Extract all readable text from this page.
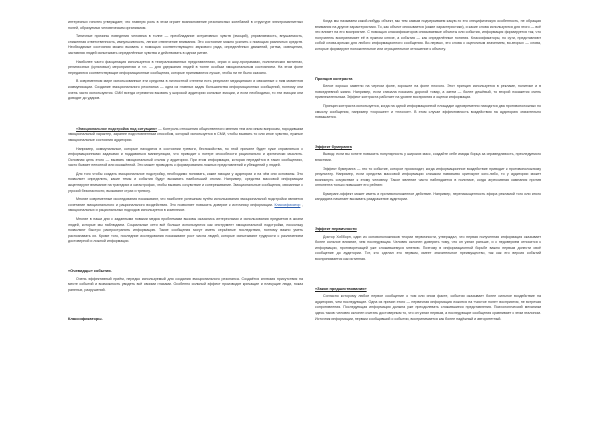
интересных гипотез утверждает, что главную роль в этом играет возникновение резонансных колебаний в структуре электромагнитных полей, образуемых человеческим организмом.

Типичные причины поведения человека в толпе — преобладание ситуативных чувств (эмоций), управляемость, внушаемость, сниженная ответственность, импульсивность, легкое отвлечение внимания. Это состояние можно усилить с помощью различных средств. Необходимые состояния можно вызвать с помощью соответствующего звукового ряда, определённых движений, ритма, освещения, заставляя людей испытывать определённые чувства и действовать в одном ритме.

Наиболее часто фасцинация используется в театрализованных представлениях, играх и шоу-программах, политических митингах, религиозных (культовых) мероприятиях и т.п. — для удержания людей в толпе особым эмоциональным состоянием. На этом фоне передаются соответствующие информационные сообщения, которые принимаются лучше, чтобы ни не было сказано.

В современном мире использованные эти средства в личностной степени есть результат медицинских и связанные с ним моментов коммуникации. Создание эмоционального резонанса — одна из главных задач большинства информационных сообщений, поэтому они очень часто используются. СМИ всегда стремятся вызвать у широкой аудитории сильные эмоции, и если необходимо, то эти эмоции они доводят до ударов.

«Эмоциональное подстройка под ситуацию» — Контроль отношения общественного мнения тем или иным вопросам, породившим эмоциональный характер, заранее подготовленным способом, который используется в СМИ, чтобы вызвать то или иное чувство, нужные эмоциональные состояния аудитории.

Например, коммунальные, которые находятся в состоянии тревоги, беспокойства, по этой причине будет хуже справляться с информационными задачами и поддаваться манипуляции, что приводит к потере способности рационально и критически мыслить. Основная цель этого — вызвать эмоциональный отклик у аудитории. При этом информация, которая передаётся в таких сообщениях, часто бывает неполной или искажённой. Это может приводить к формированию ложных представлений и убеждений у людей.

Для того чтобы создать эмоциональное подстройку, необходимо понимать, какие эмоции у аудитории и на чём они основаны. Это позволяет определить, какие темы и события будут вызывать наибольший отклик. Например, средства массовой информации акцентируют внимание на трагедиях и катастрофах, чтобы вызвать сочувствие и сопереживание. Эмоциональные сообщения, связанные с угрозой безопасности, вызывают страх и тревогу.

Многие современные исследования показывают, что наиболее успешным путём использования эмоциональной подстройки является сочетание эмоционального и рационального воздействия. Это позволяет повысить доверие к источнику информации. Классификатор , эмоциональных и рациональных подходов используется в комплексе.

Многие в наши дни с заданными новыми медиа проблемами вызовы оказались интересными и использования предметов в жизни людей, которые мы наблюдаем. Социальные сети всё больше используются как инструмент эмоциональной подстройки, поскольку позволяют быстро распространять информацию. Такие сообщения могут иметь серьёзные последствия, поэтому важно уметь распознавать их. Кроме того, последние исследования показывают рост числа людей, которые испытывают трудности с различением достоверной и ложной информации.

«Очевидцы» события.

Очень эффективный приём, нередко используемый для создания эмоционального резонанса. Создаётся иллюзия присутствия на месте событий и возможность увидеть всё своими глазами. Особенно сильный эффект производят кричащие и плачущие люди, показ раненых, разрушений.

Классификаторы.

Когда мы называем какой-нибудь объект, мы тем самым подчеркиваем какую-то его специфическую особенность, не обращая внимания на другие характеристики. То, как объект описывается (какие характеристики), и какие слова используются для этого — всё это влияет на его восприятие. С помощью классификаторов описываемые объекты или события, информация формируется так, что получатель воспринимает её в нужном ключе, а события — как определённые понятия. Классификаторы, по сути, представляют собой слова-ярлыки для любого информационного сообщения. Во-первых, это слова с оценочным значением, во-вторых — слова, которые формируют положительное или отрицательное отношение к объекту.

Принцип контраста

Белое хорошо заметно на черном фоне, хорошее на фоне плохого. Этот принцип используется в рекламе, политике и в повседневной жизни. Например, если сначала показать дорогой товар, а затем — более дешёвый, то второй покажется очень привлекательным. Эффект контраста работает на уровне восприятия и оценки информации.

Принцип контраста используется, когда на одной информационной площадке одновременно находятся два противоположных по смыслу сообщения, например «хорошее» и «плохое». В этом случае эффективность воздействия на аудиторию значительно повышается.

Эффект бумеранга

Вывод: если вы хотите повысить популярность у широких масс, создайте себе имидж борца за справедливость, преследуемого властями.

Эффект бумеранга — это то событие, которое происходит, когда информационное воздействие приводит к противоположному результату. Например, если средства массовой информации слишком навязчиво критикуют кого-либо, то у аудитории может возникнуть сочувствие к этому человеку. Такое явление часто наблюдается в политике, когда агрессивная кампания против оппонента только повышает его рейтинг.

Бумеранг-эффект может иметь и противоположенное действие. Например, перенасыщенность эфира рекламой того или иного кандидата начинает вызывать раздражение аудитории.

Эффект первичности

Доктор Хобборн, один из основоположников теории первичности, утверждал, что первая полученная информация оказывает более сильное влияние, чем последующая. Человек склонен доверять тому, что он узнал раньше, и с недоверием относится к информации, противоречащей уже сложившемуся мнению. Поэтому в информационной борьбе важно первым донести своё сообщение до аудитории. Тот, кто сделал это первым, имеет значительное преимущество, так как его версия событий воспринимается как истинная.

«Закон предшествования»

Согласно которому любое первое сообщение о том или ином факте, событии оказывает более сильное воздействие на аудиторию, чем последующие. Одна из причин этого — первичная информация ложится на «чистое поле» восприятия, не встречая сопротивления. Последующая информация должна уже преодолевать сложившиеся представления. Психологический механизм здесь таков: человек склонен считать достоверным то, что он узнал первым, а последующие сообщения сравнивает с этим эталоном. Источник информации, первым сообщивший о событии, воспринимается как более надёжный и авторитетный.
